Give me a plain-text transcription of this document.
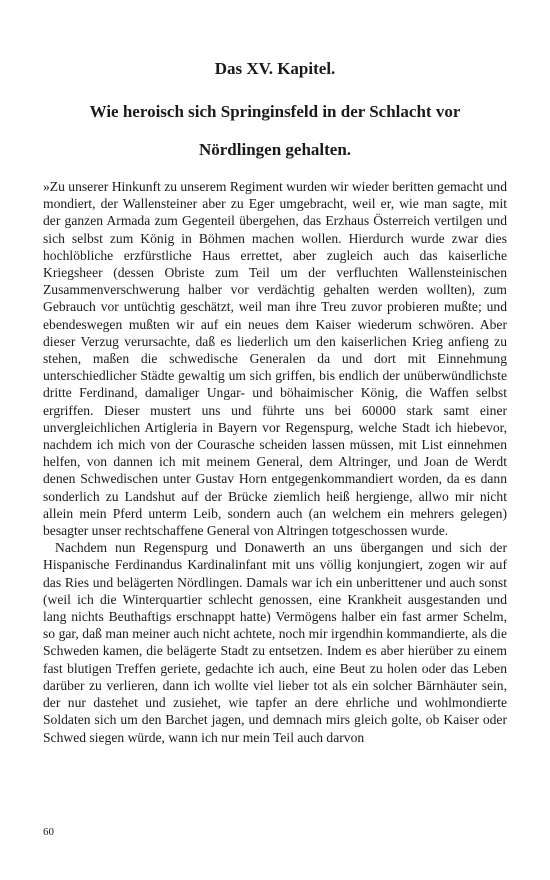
Das XV. Kapitel.
Wie heroisch sich Springinsfeld in der Schlacht vor
Nördlingen gehalten.

»Zu unserer Hinkunft zu unserem Regiment wurden wir wieder beritten gemacht und mondiert, der Wallensteiner aber zu Eger umgebracht, weil er, wie man sagte, mit der ganzen Armada zum Gegenteil übergehen, das Erzhaus Österreich vertilgen und sich selbst zum König in Böhmen machen wollen. Hierdurch wurde zwar dies hochlöbliche erzfürstliche Haus errettet, aber zugleich auch das kaiserliche Kriegsheer (dessen Obriste zum Teil um der verfluchten Wallensteinischen Zusammenverschwerung halber vor verdächtig gehalten werden wollten), zum Gebrauch vor untüchtig geschätzt, weil man ihre Treu zuvor probieren mußte; und ebendeswegen mußten wir auf ein neues dem Kaiser wiederum schwören. Aber dieser Verzug verursachte, daß es liederlich um den kaiserlichen Krieg anfieng zu stehen, maßen die schwedische Generalen da und dort mit Einnehmung unterschiedlicher Städte gewaltig um sich griffen, bis endlich der unüberwündlichste dritte Ferdinand, damaliger Ungar- und böhaimischer König, die Waffen selbst ergriffen. Dieser mustert uns und führte uns bei 60000 stark samt einer unvergleichlichen Artigleria in Bayern vor Regenspurg, welche Stadt ich hiebevor, nachdem ich mich von der Courasche scheiden lassen müssen, mit List einnehmen helfen, von dannen ich mit meinem General, dem Altringer, und Joan de Werdt denen Schwedischen unter Gustav Horn entgegenkommandiert worden, da es dann sonderlich zu Landshut auf der Brücke ziemlich heiß hergienge, allwo mir nicht allein mein Pferd unterm Leib, sondern auch (an welchem ein mehrers gelegen) besagter unser rechtschaffene General von Altringen totgeschossen wurde.

Nachdem nun Regenspurg und Donawerth an uns übergangen und sich der Hispanische Ferdinandus Kardinalinfant mit uns völlig konjungiert, zogen wir auf das Ries und belägerten Nördlingen. Damals war ich ein unberittener und auch sonst (weil ich die Winterquartier schlecht genossen, eine Krankheit ausgestanden und lang nichts Beuthaftigs erschnappt hatte) Vermögens halber ein fast armer Schelm, so gar, daß man meiner auch nicht achtete, noch mir irgendhin kommandierte, als die Schweden kamen, die belägerte Stadt zu entsetzen. Indem es aber hierüber zu einem fast blutigen Treffen geriete, gedachte ich auch, eine Beut zu holen oder das Leben darüber zu verlieren, dann ich wollte viel lieber tot als ein solcher Bärnhäuter sein, der nur dastehet und zusiehet, wie tapfer an dere ehrliche und wohlmondierte Soldaten sich um den Barchet jagen, und demnach mirs gleich golte, ob Kaiser oder Schwed siegen würde, wann ich nur mein Teil auch darvon

60
